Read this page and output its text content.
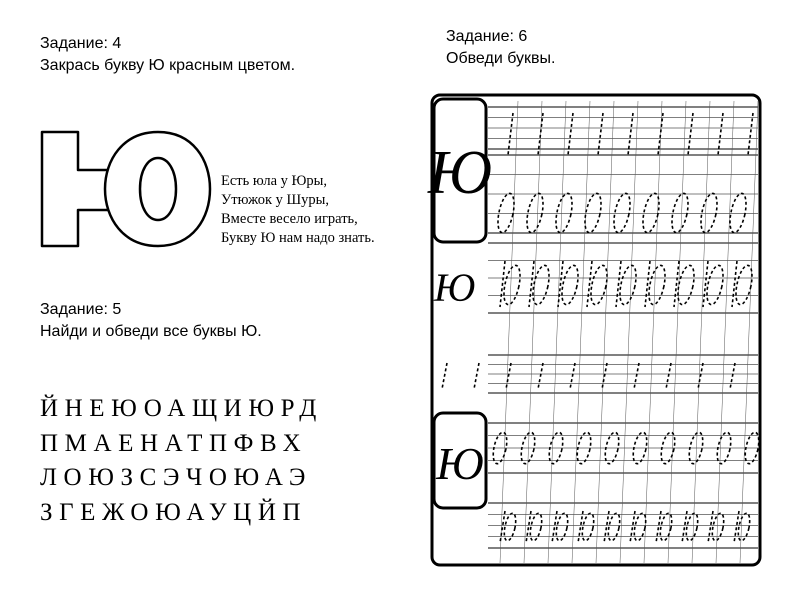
Задание: 4
Закрась букву Ю красным цветом.
Ю
Есть юла у Юры,
Утюжок у Шуры,
Вместе весело играть,
Букву Ю нам надо знать.
Задание: 5
Найди и обведи все буквы Ю.
ЙНЕЮОАЩИЮРД
ПМАЕНАТПФВХ
ЛОЮЗСЭЧОЮАЭ
ЗГЕЖОЮАУЦЙП
Задание: 6
Обведи буквы.
Ю
Ю
Ю
